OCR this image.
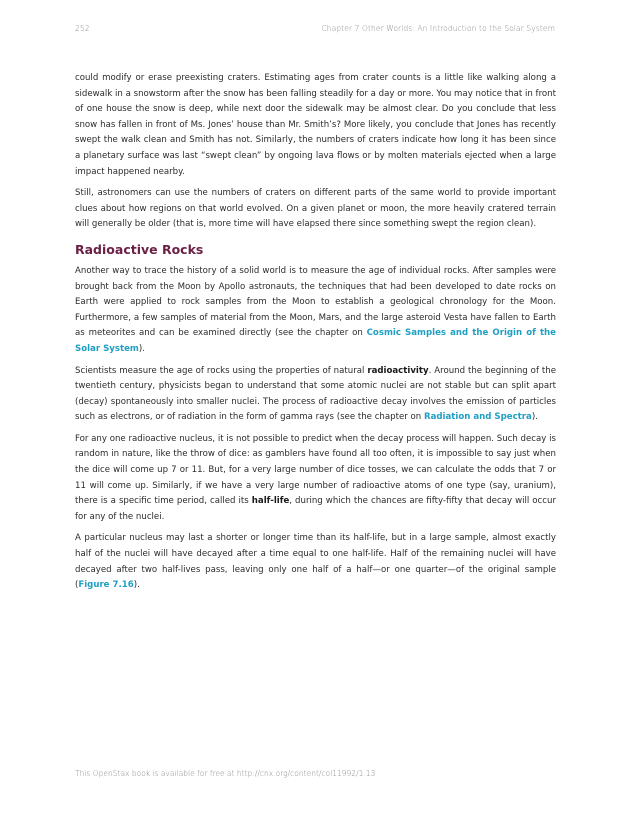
252	Chapter 7 Other Worlds: An Introduction to the Solar System

could modify or erase preexisting craters. Estimating ages from crater counts is a little like walking along a sidewalk in a snowstorm after the snow has been falling steadily for a day or more. You may notice that in front of one house the snow is deep, while next door the sidewalk may be almost clear. Do you conclude that less snow has fallen in front of Ms. Jones’ house than Mr. Smith’s? More likely, you conclude that Jones has recently swept the walk clean and Smith has not. Similarly, the numbers of craters indicate how long it has been since a planetary surface was last “swept clean” by ongoing lava flows or by molten materials ejected when a large impact happened nearby.

Still, astronomers can use the numbers of craters on different parts of the same world to provide important clues about how regions on that world evolved. On a given planet or moon, the more heavily cratered terrain will generally be older (that is, more time will have elapsed there since something swept the region clean).

Radioactive Rocks

Another way to trace the history of a solid world is to measure the age of individual rocks. After samples were brought back from the Moon by Apollo astronauts, the techniques that had been developed to date rocks on Earth were applied to rock samples from the Moon to establish a geological chronology for the Moon. Furthermore, a few samples of material from the Moon, Mars, and the large asteroid Vesta have fallen to Earth as meteorites and can be examined directly (see the chapter on Cosmic Samples and the Origin of the Solar System).

Scientists measure the age of rocks using the properties of natural radioactivity. Around the beginning of the twentieth century, physicists began to understand that some atomic nuclei are not stable but can split apart (decay) spontaneously into smaller nuclei. The process of radioactive decay involves the emission of particles such as electrons, or of radiation in the form of gamma rays (see the chapter on Radiation and Spectra).

For any one radioactive nucleus, it is not possible to predict when the decay process will happen. Such decay is random in nature, like the throw of dice: as gamblers have found all too often, it is impossible to say just when the dice will come up 7 or 11. But, for a very large number of dice tosses, we can calculate the odds that 7 or 11 will come up. Similarly, if we have a very large number of radioactive atoms of one type (say, uranium), there is a specific time period, called its half-life, during which the chances are fifty-fifty that decay will occur for any of the nuclei.

A particular nucleus may last a shorter or longer time than its half-life, but in a large sample, almost exactly half of the nuclei will have decayed after a time equal to one half-life. Half of the remaining nuclei will have decayed after two half-lives pass, leaving only one half of a half—or one quarter—of the original sample (Figure 7.16).

This OpenStax book is available for free at http://cnx.org/content/col11992/1.13
